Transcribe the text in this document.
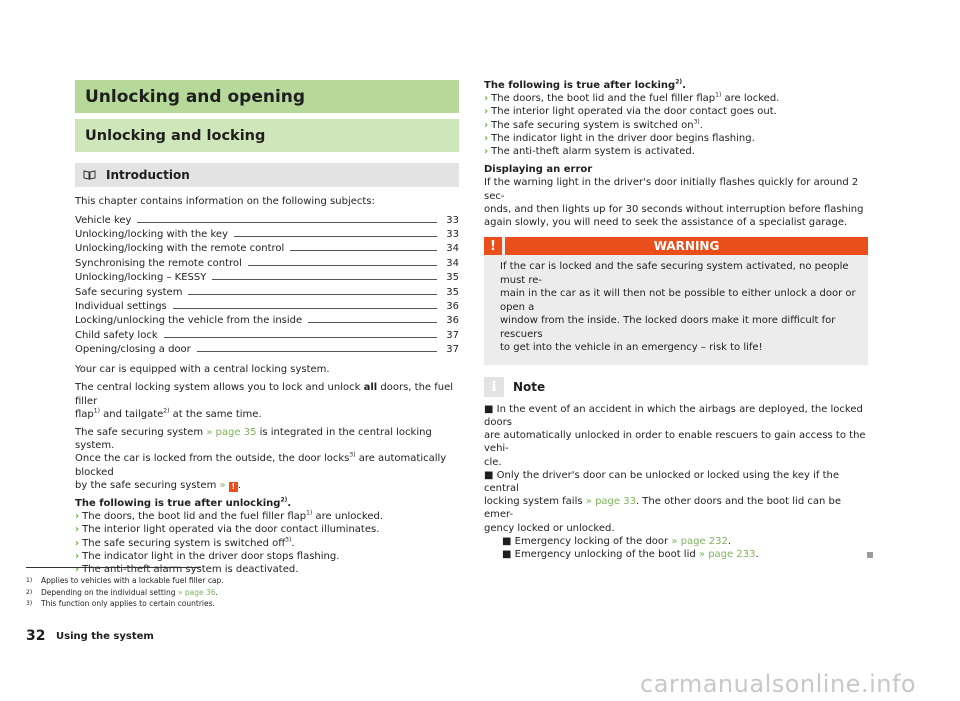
Unlocking and opening
Unlocking and locking
Introduction

This chapter contains information on the following subjects:

Vehicle key	33
Unlocking/locking with the key	33
Unlocking/locking with the remote control	34
Synchronising the remote control	34
Unlocking/locking – KESSY	35
Safe securing system	35
Individual settings	36
Locking/unlocking the vehicle from the inside	36
Child safety lock	37
Opening/closing a door	37

Your car is equipped with a central locking system.

The central locking system allows you to lock and unlock all doors, the fuel filler
flap$^{1)}$ and tailgate$^{2)}$ at the same time.

The safe securing system » page 35 is integrated in the central locking system.
Once the car is locked from the outside, the door locks$^{3)}$ are automatically blocked
by the safe securing system » ! .

The following is true after unlocking$^{2)}$.

› The doors, the boot lid and the fuel filler flap$^{1)}$ are unlocked.

› The interior light operated via the door contact illuminates.

› The safe securing system is switched off$^{3)}$.

› The indicator light in the driver door stops flashing.

› The anti-theft alarm system is deactivated.

The following is true after locking$^{2)}$.

› The doors, the boot lid and the fuel filler flap$^{1)}$ are locked.

› The interior light operated via the door contact goes out.

› The safe securing system is switched $on^{3)}$.

› The indicator light in the driver door begins flashing.

› The anti-theft alarm system is activated.

Displaying an error

If the warning light in the driver's door initially flashes quickly for around 2 sec-

onds, and then lights up for 30 seconds without interruption before flashing

again slowly, you will need to seek the assistance of a specialist garage.

!	WARNING

If the car is locked and the safe securing system activated, no people must re-
main in the car as it will then not be possible to either unlock a door or open a
window from the inside. The locked doors make it more difficult for rescuers
to get into the vehicle in an emergency – risk to life!

i	Note

■ In the event of an accident in which the airbags are deployed, the locked doors

are automatically unlocked in order to enable rescuers to gain access to the vehi-

cle.

■ Only the driver's door can be unlocked or locked using the key if the central

locking system fails » page 33. The other doors and the boot lid can be emer-

gency locked or unlocked.

■ Emergency locking of the door » page 232.

■ Emergency unlocking of the boot lid » page 233.

1)	Applies to vehicles with a lockable fuel filler cap.
2)	Depending on the individual setting » page 36.
3)	This function only applies to certain countries.
32 Using the system
carmanualsonline.info
